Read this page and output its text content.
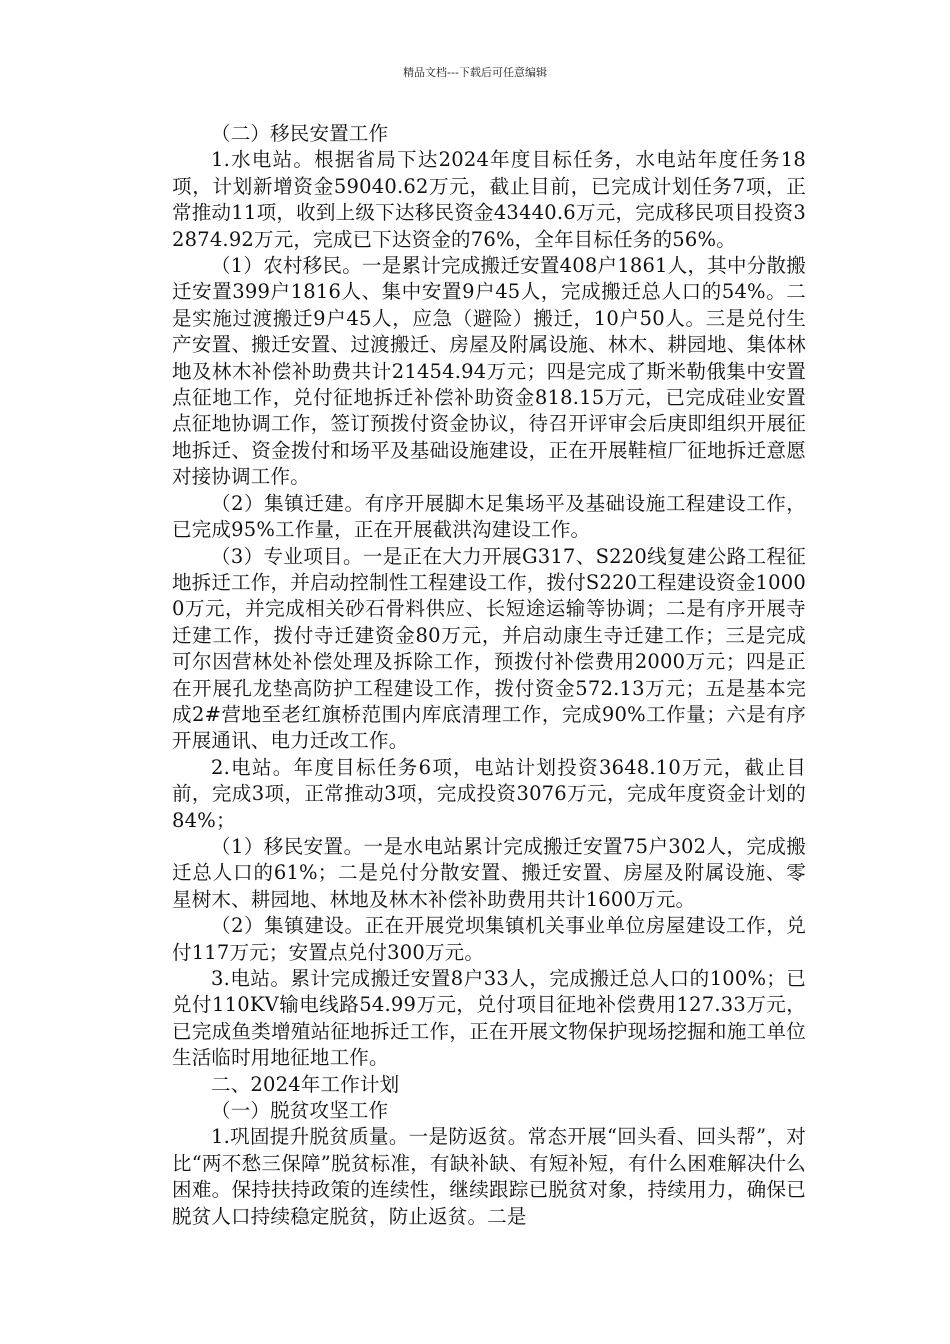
精品文档---下载后可任意编辑

（二）移民安置工作

1.水电站。根据省局下达2024年度目标任务，水电站年度任务18项，计划新增资金59040.62万元，截止目前，已完成计划任务7项，正常推动11项，收到上级下达移民资金43440.6万元，完成移民项目投资32874.92万元，完成已下达资金的76%，全年目标任务的56%。

（1）农村移民。一是累计完成搬迁安置408户1861人，其中分散搬迁安置399户1816人、集中安置9户45人，完成搬迁总人口的54%。二是实施过渡搬迁9户45人，应急（避险）搬迁，10户50人。三是兑付生产安置、搬迁安置、过渡搬迁、房屋及附属设施、林木、耕园地、集体林地及林木补偿补助费共计21454.94万元；四是完成了斯米勒俄集中安置点征地工作，兑付征地拆迁补偿补助资金818.15万元，已完成硅业安置点征地协调工作，签订预拨付资金协议，待召开评审会后庚即组织开展征地拆迁、资金拨付和场平及基础设施建设，正在开展鞋楦厂征地拆迁意愿对接协调工作。

（2）集镇迁建。有序开展脚木足集场平及基础设施工程建设工作，已完成95%工作量，正在开展截洪沟建设工作。

（3）专业项目。一是正在大力开展G317、S220线复建公路工程征地拆迁工作，并启动控制性工程建设工作，拨付S220工程建设资金10000万元，并完成相关砂石骨料供应、长短途运输等协调；二是有序开展寺迁建工作，拨付寺迁建资金80万元，并启动康生寺迁建工作；三是完成可尔因营林处补偿处理及拆除工作，预拨付补偿费用2000万元；四是正在开展孔龙垫高防护工程建设工作，拨付资金572.13万元；五是基本完成2#营地至老红旗桥范围内库底清理工作，完成90%工作量；六是有序开展通讯、电力迁改工作。

2.电站。年度目标任务6项，电站计划投资3648.10万元，截止目前，完成3项，正常推动3项，完成投资3076万元，完成年度资金计划的84%；

（1）移民安置。一是水电站累计完成搬迁安置75户302人，完成搬迁总人口的61%；二是兑付分散安置、搬迁安置、房屋及附属设施、零星树木、耕园地、林地及林木补偿补助费用共计1600万元。

（2）集镇建设。正在开展党坝集镇机关事业单位房屋建设工作，兑付117万元；安置点兑付300万元。

3.电站。累计完成搬迁安置8户33人，完成搬迁总人口的100%；已兑付110KV输电线路54.99万元，兑付项目征地补偿费用127.33万元，已完成鱼类增殖站征地拆迁工作，正在开展文物保护现场挖掘和施工单位生活临时用地征地工作。

二、2024年工作计划

（一）脱贫攻坚工作

1.巩固提升脱贫质量。一是防返贫。常态开展“回头看、回头帮”，对比“两不愁三保障”脱贫标准，有缺补缺、有短补短，有什么困难解决什么困难。保持扶持政策的连续性，继续跟踪已脱贫对象，持续用力，确保已脱贫人口持续稳定脱贫，防止返贫。二是
